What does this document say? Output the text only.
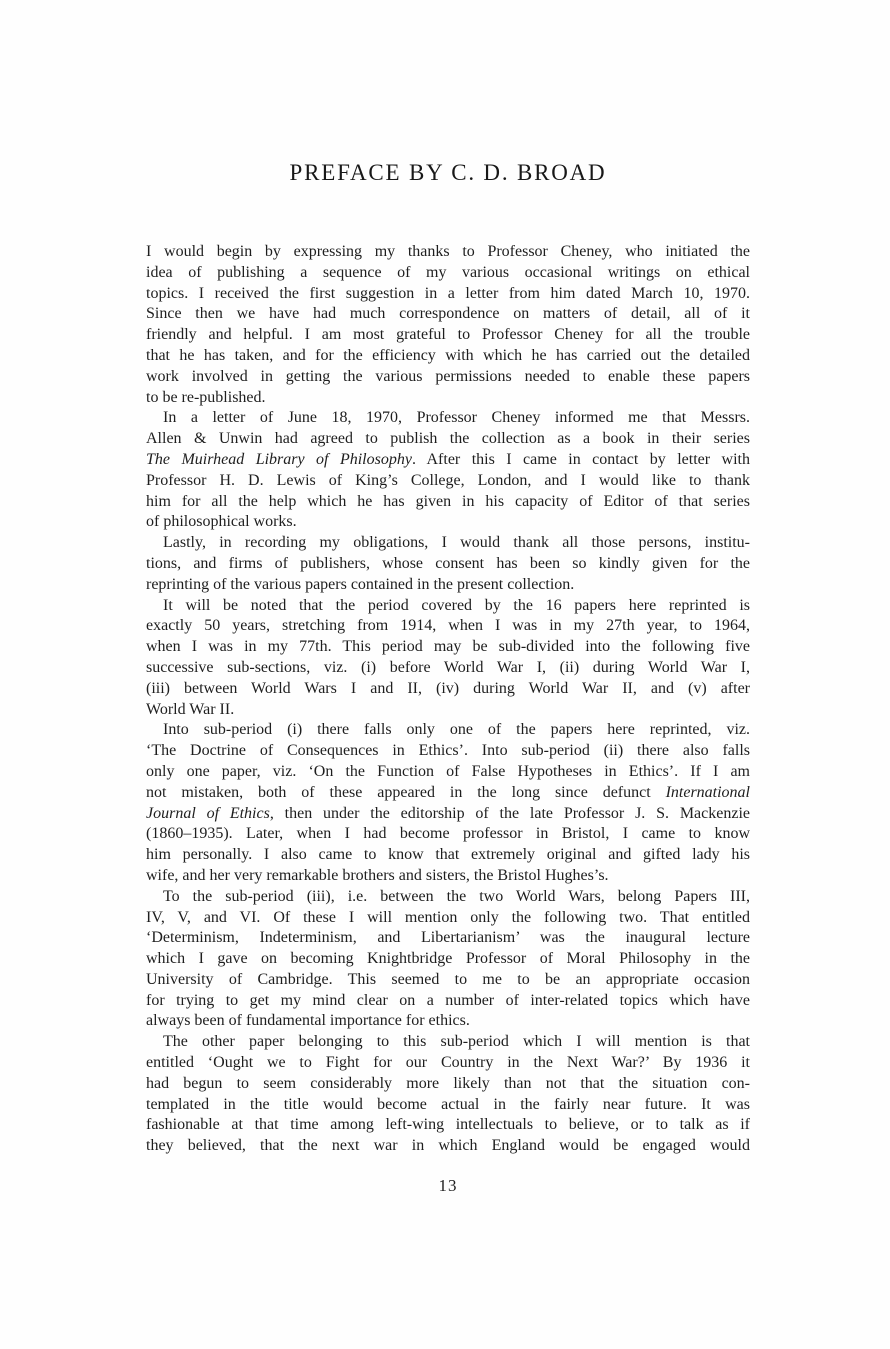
PREFACE BY C. D. BROAD
I would begin by expressing my thanks to Professor Cheney, who initiated the
idea of publishing a sequence of my various occasional writings on ethical
topics. I received the first suggestion in a letter from him dated March 10, 1970.
Since then we have had much correspondence on matters of detail, all of it
friendly and helpful. I am most grateful to Professor Cheney for all the trouble
that he has taken, and for the efficiency with which he has carried out the detailed
work involved in getting the various permissions needed to enable these papers
to be re-published.
In a letter of June 18, 1970, Professor Cheney informed me that Messrs.
Allen & Unwin had agreed to publish the collection as a book in their series
The Muirhead Library of Philosophy. After this I came in contact by letter with
Professor H. D. Lewis of King’s College, London, and I would like to thank
him for all the help which he has given in his capacity of Editor of that series
of philosophical works.
Lastly, in recording my obligations, I would thank all those persons, institu-
tions, and firms of publishers, whose consent has been so kindly given for the
reprinting of the various papers contained in the present collection.
It will be noted that the period covered by the 16 papers here reprinted is
exactly 50 years, stretching from 1914, when I was in my 27th year, to 1964,
when I was in my 77th. This period may be sub-divided into the following five
successive sub-sections, viz. (i) before World War I, (ii) during World War I,
(iii) between World Wars I and II, (iv) during World War II, and (v) after
World War II.
Into sub-period (i) there falls only one of the papers here reprinted, viz.
‘The Doctrine of Consequences in Ethics’. Into sub-period (ii) there also falls
only one paper, viz. ‘On the Function of False Hypotheses in Ethics’. If I am
not mistaken, both of these appeared in the long since defunct International
Journal of Ethics, then under the editorship of the late Professor J. S. Mackenzie
(1860–1935). Later, when I had become professor in Bristol, I came to know
him personally. I also came to know that extremely original and gifted lady his
wife, and her very remarkable brothers and sisters, the Bristol Hughes’s.
To the sub-period (iii), i.e. between the two World Wars, belong Papers III,
IV, V, and VI. Of these I will mention only the following two. That entitled
‘Determinism, Indeterminism, and Libertarianism’ was the inaugural lecture
which I gave on becoming Knightbridge Professor of Moral Philosophy in the
University of Cambridge. This seemed to me to be an appropriate occasion
for trying to get my mind clear on a number of inter-related topics which have
always been of fundamental importance for ethics.
The other paper belonging to this sub-period which I will mention is that
entitled ‘Ought we to Fight for our Country in the Next War?’ By 1936 it
had begun to seem considerably more likely than not that the situation con-
templated in the title would become actual in the fairly near future. It was
fashionable at that time among left-wing intellectuals to believe, or to talk as if
they believed, that the next war in which England would be engaged would
13
